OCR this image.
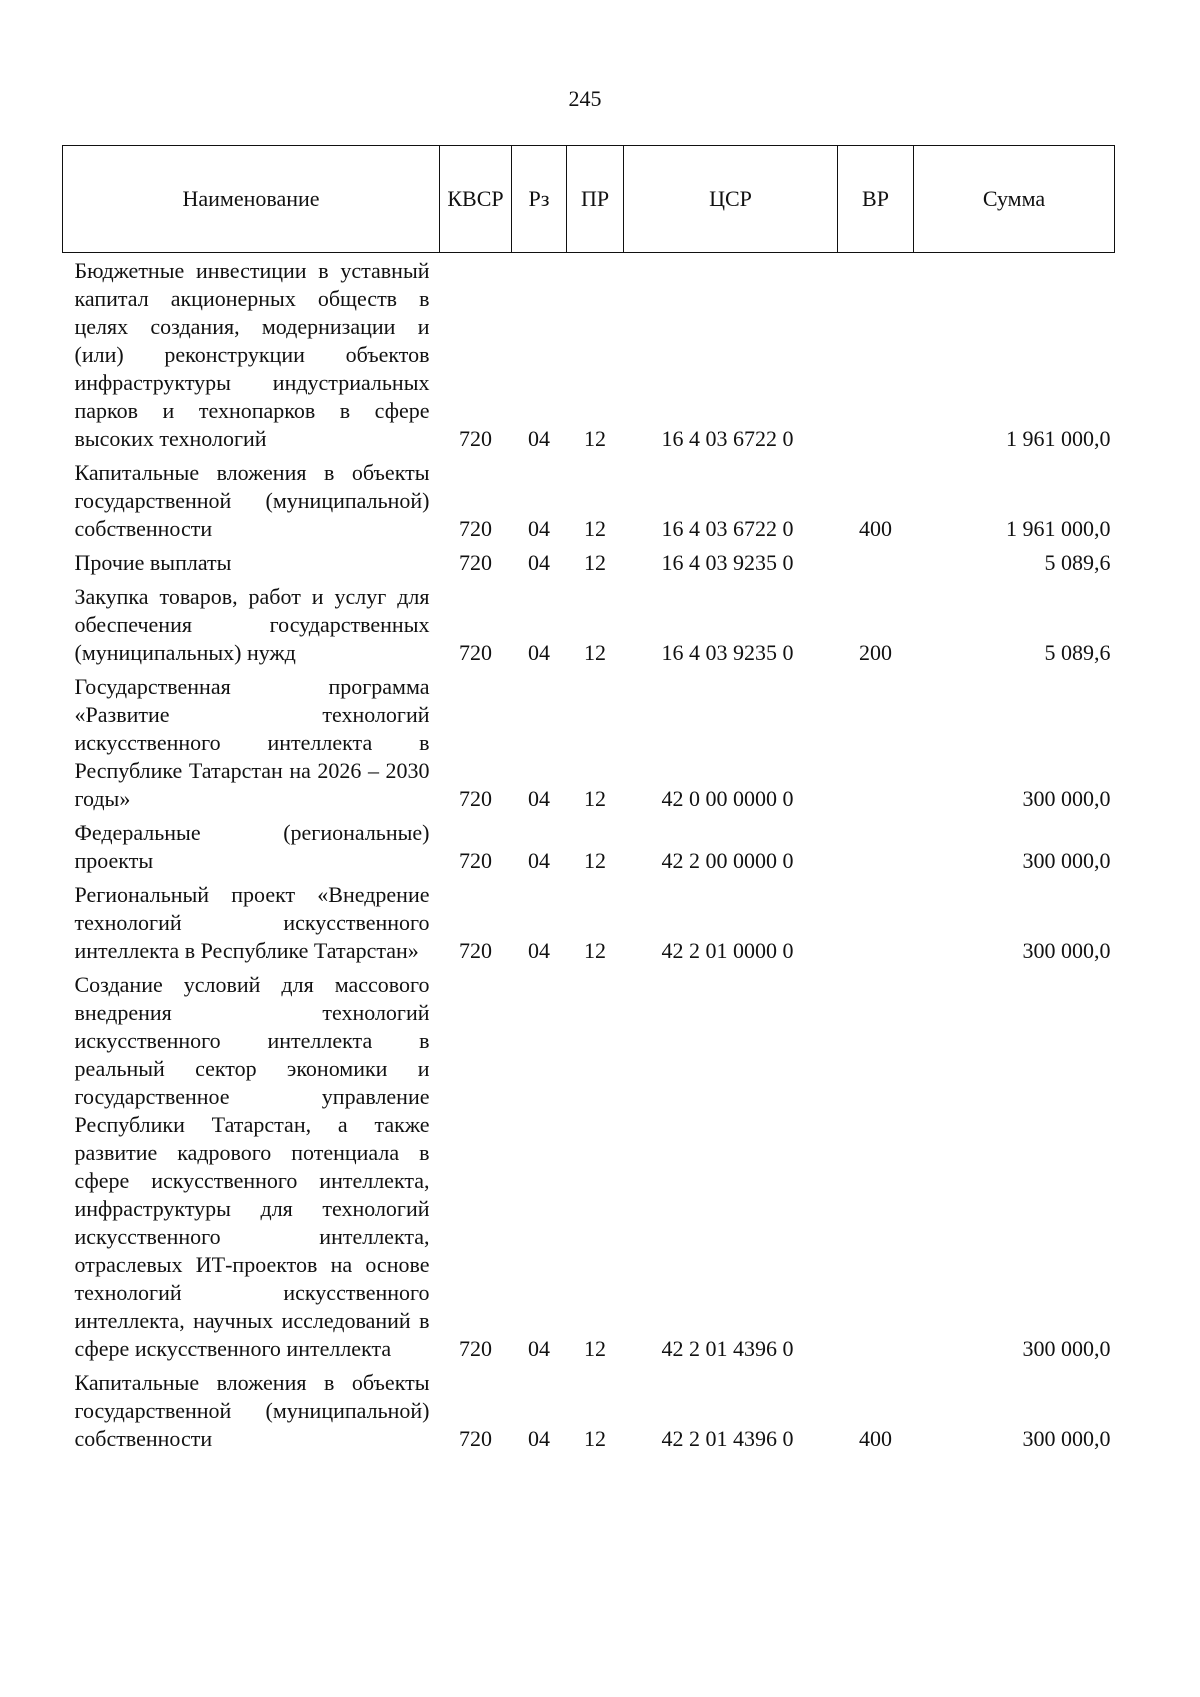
245
Наименование	КВСР	Рз	ПР	ЦСР	ВР	Сумма
Бюджетные инвестиции в уставный капитал акционерных обществ в целях создания, модернизации и (или) реконструкции объектов инфраструктуры индустриальных парков и технопарков в сфере высоких технологий	720	04	12	16 4 03 6722 0		1 961 000,0
Капитальные вложения в объекты государственной (муниципальной) собственности	720	04	12	16 4 03 6722 0	400	1 961 000,0
Прочие выплаты	720	04	12	16 4 03 9235 0		5 089,6
Закупка товаров, работ и услуг для обеспечения государственных (муниципальных) нужд	720	04	12	16 4 03 9235 0	200	5 089,6
Государственная программа «Развитие технологий искусственного интеллекта в Республике Татарстан на 2026 – 2030 годы»	720	04	12	42 0 00 0000 0		300 000,0
Федеральные (региональные) проекты	720	04	12	42 2 00 0000 0		300 000,0
Региональный проект «Внедрение технологий искусственного интеллекта в Республике Татарстан»	720	04	12	42 2 01 0000 0		300 000,0
Создание условий для массового внедрения технологий искусственного интеллекта в реальный сектор экономики и государственное управление Республики Татарстан, а также развитие кадрового потенциала в сфере искусственного интеллекта, инфраструктуры для технологий искусственного интеллекта, отраслевых ИТ-проектов на основе технологий искусственного интеллекта, научных исследований в сфере искусственного интеллекта	720	04	12	42 2 01 4396 0		300 000,0
Капитальные вложения в объекты государственной (муниципальной) собственности	720	04	12	42 2 01 4396 0	400	300 000,0
